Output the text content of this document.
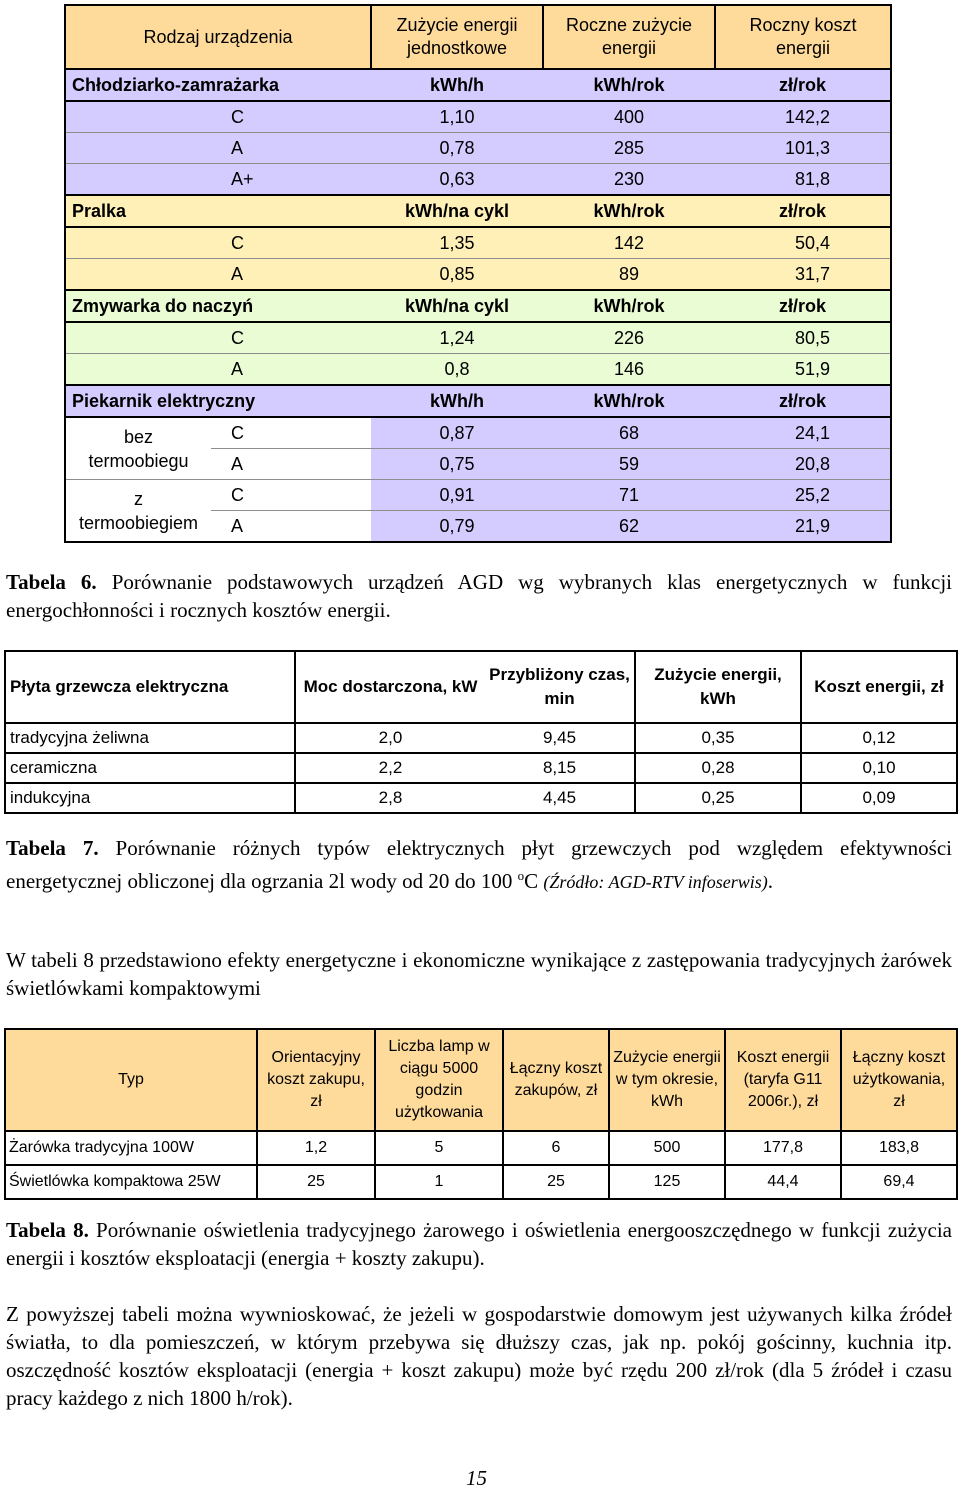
Rodzaj urządzenia		Zużycie energii jednostkowe	Roczne zużycie energii	Roczny koszt energii
Chłodziarko-zamrażarka		kWh/h	kWh/rok	zł/rok
	C	1,10	400	142,2
	A	0,78	285	101,3
	A+	0,63	230	81,8
Pralka		kWh/na cykl	kWh/rok	zł/rok
	C	1,35	142	50,4
	A	0,85	89	31,7
Zmywarka do naczyń		kWh/na cykl	kWh/rok	zł/rok
	C	1,24	226	80,5
	A	0,8	146	51,9
Piekarnik elektryczny		kWh/h	kWh/rok	zł/rok
bez termoobiegu	C	0,87	68	24,1
	A	0,75	59	20,8
z termoobiegiem	C	0,91	71	25,2
	A	0,79	62	21,9
Tabela 6. Porównanie podstawowych urządzeń AGD wg wybranych klas energetycznych w funkcji energochłonności i rocznych kosztów energii.
Płyta grzewcza elektryczna	Moc dostarczona, kW	Przybliżony czas, min	Zużycie energii, kWh	Koszt energii, zł
tradycyjna żeliwna	2,0	9,45	0,35	0,12
ceramiczna	2,2	8,15	0,28	0,10
indukcyjna	2,8	4,45	0,25	0,09
Tabela 7. Porównanie różnych typów elektrycznych płyt grzewczych pod względem efektywności energetycznej obliczonej dla ogrzania 2l wody od 20 do 100 $^o$C (Źródło: AGD-RTV infoserwis).
W tabeli 8 przedstawiono efekty energetyczne i ekonomiczne wynikające z zastępowania tradycyjnych żarówek świetlówkami kompaktowymi
Typ	Orientacyjny koszt zakupu, zł	Liczba lamp w ciągu 5000 godzin użytkowania	Łączny koszt zakupów, zł	Zużycie energii w tym okresie, kWh	Koszt energii (taryfa G11 2006r.), zł	Łączny koszt użytkowania, zł
Żarówka tradycyjna 100W	1,2	5	6	500	177,8	183,8
Świetlówka kompaktowa 25W	25	1	25	125	44,4	69,4
Tabela 8. Porównanie oświetlenia tradycyjnego żarowego i oświetlenia energooszczędnego w funkcji zużycia energii i kosztów eksploatacji (energia + koszty zakupu).
Z powyższej tabeli można wywnioskować, że jeżeli w gospodarstwie domowym jest używanych kilka źródeł światła, to dla pomieszczeń, w którym przebywa się dłuższy czas, jak np. pokój gościnny, kuchnia itp. oszczędność kosztów eksploatacji (energia + koszt zakupu) może być rzędu 200 zł/rok (dla 5 źródeł i czasu pracy każdego z nich 1800 h/rok).
15
